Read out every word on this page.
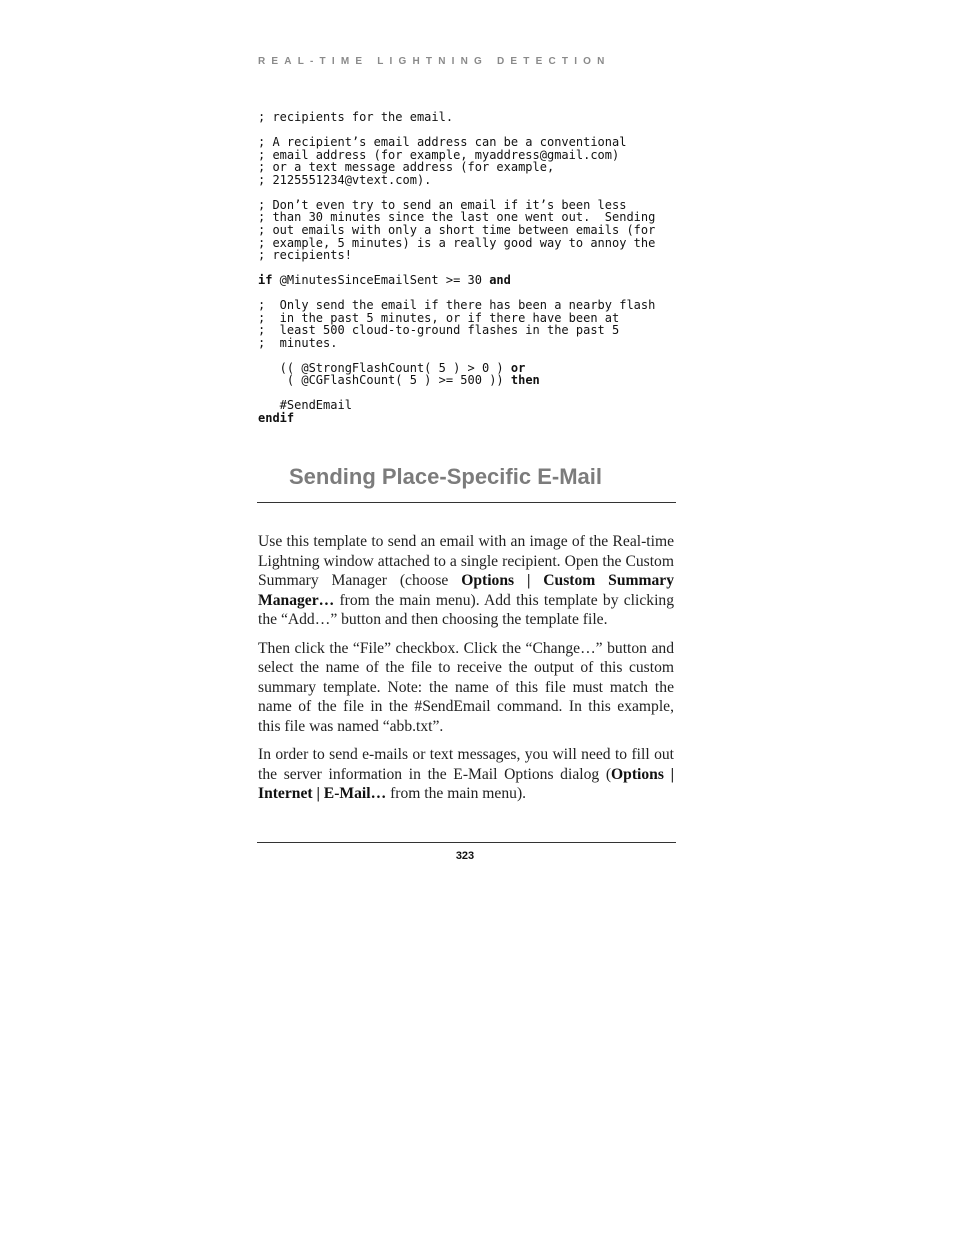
REAL-TIME LIGHTNING DETECTION
; recipients for the email.
; A recipient’s email address can be a conventional
; email address (for example, myaddress@gmail.com)
; or a text message address (for example,
; 2125551234@vtext.com).
; Don’t even try to send an email if it’s been less
; than 30 minutes since the last one went out.  Sending
; out emails with only a short time between emails (for
; example, 5 minutes) is a really good way to annoy the
; recipients!
if @MinutesSinceEmailSent >= 30 and
;  Only send the email if there has been a nearby flash
;  in the past 5 minutes, or if there have been at
;  least 500 cloud-to-ground flashes in the past 5
;  minutes.
(( @StrongFlashCount( 5 ) > 0 ) or
( @CGFlashCount( 5 ) >= 500 )) then
#SendEmail
endif
Sending Place-Specific E-Mail

Use this template to send an email with an image of the Real-time Lightning window attached to a single recipient. Open the Custom Summary Manager (choose Options | Custom Summary Manager… from the main menu). Add this template by clicking the “Add…” button and then choosing the template file.

Then click the “File” checkbox. Click the “Change…” button and select the name of the file to receive the output of this custom summary template. Note: the name of this file must match the name of the file in the #SendEmail command. In this example, this file was named “abb.txt”.

In order to send e-mails or text messages, you will need to fill out the server information in the E-Mail Options dialog (Options | Internet | E-Mail… from the main menu).

323
